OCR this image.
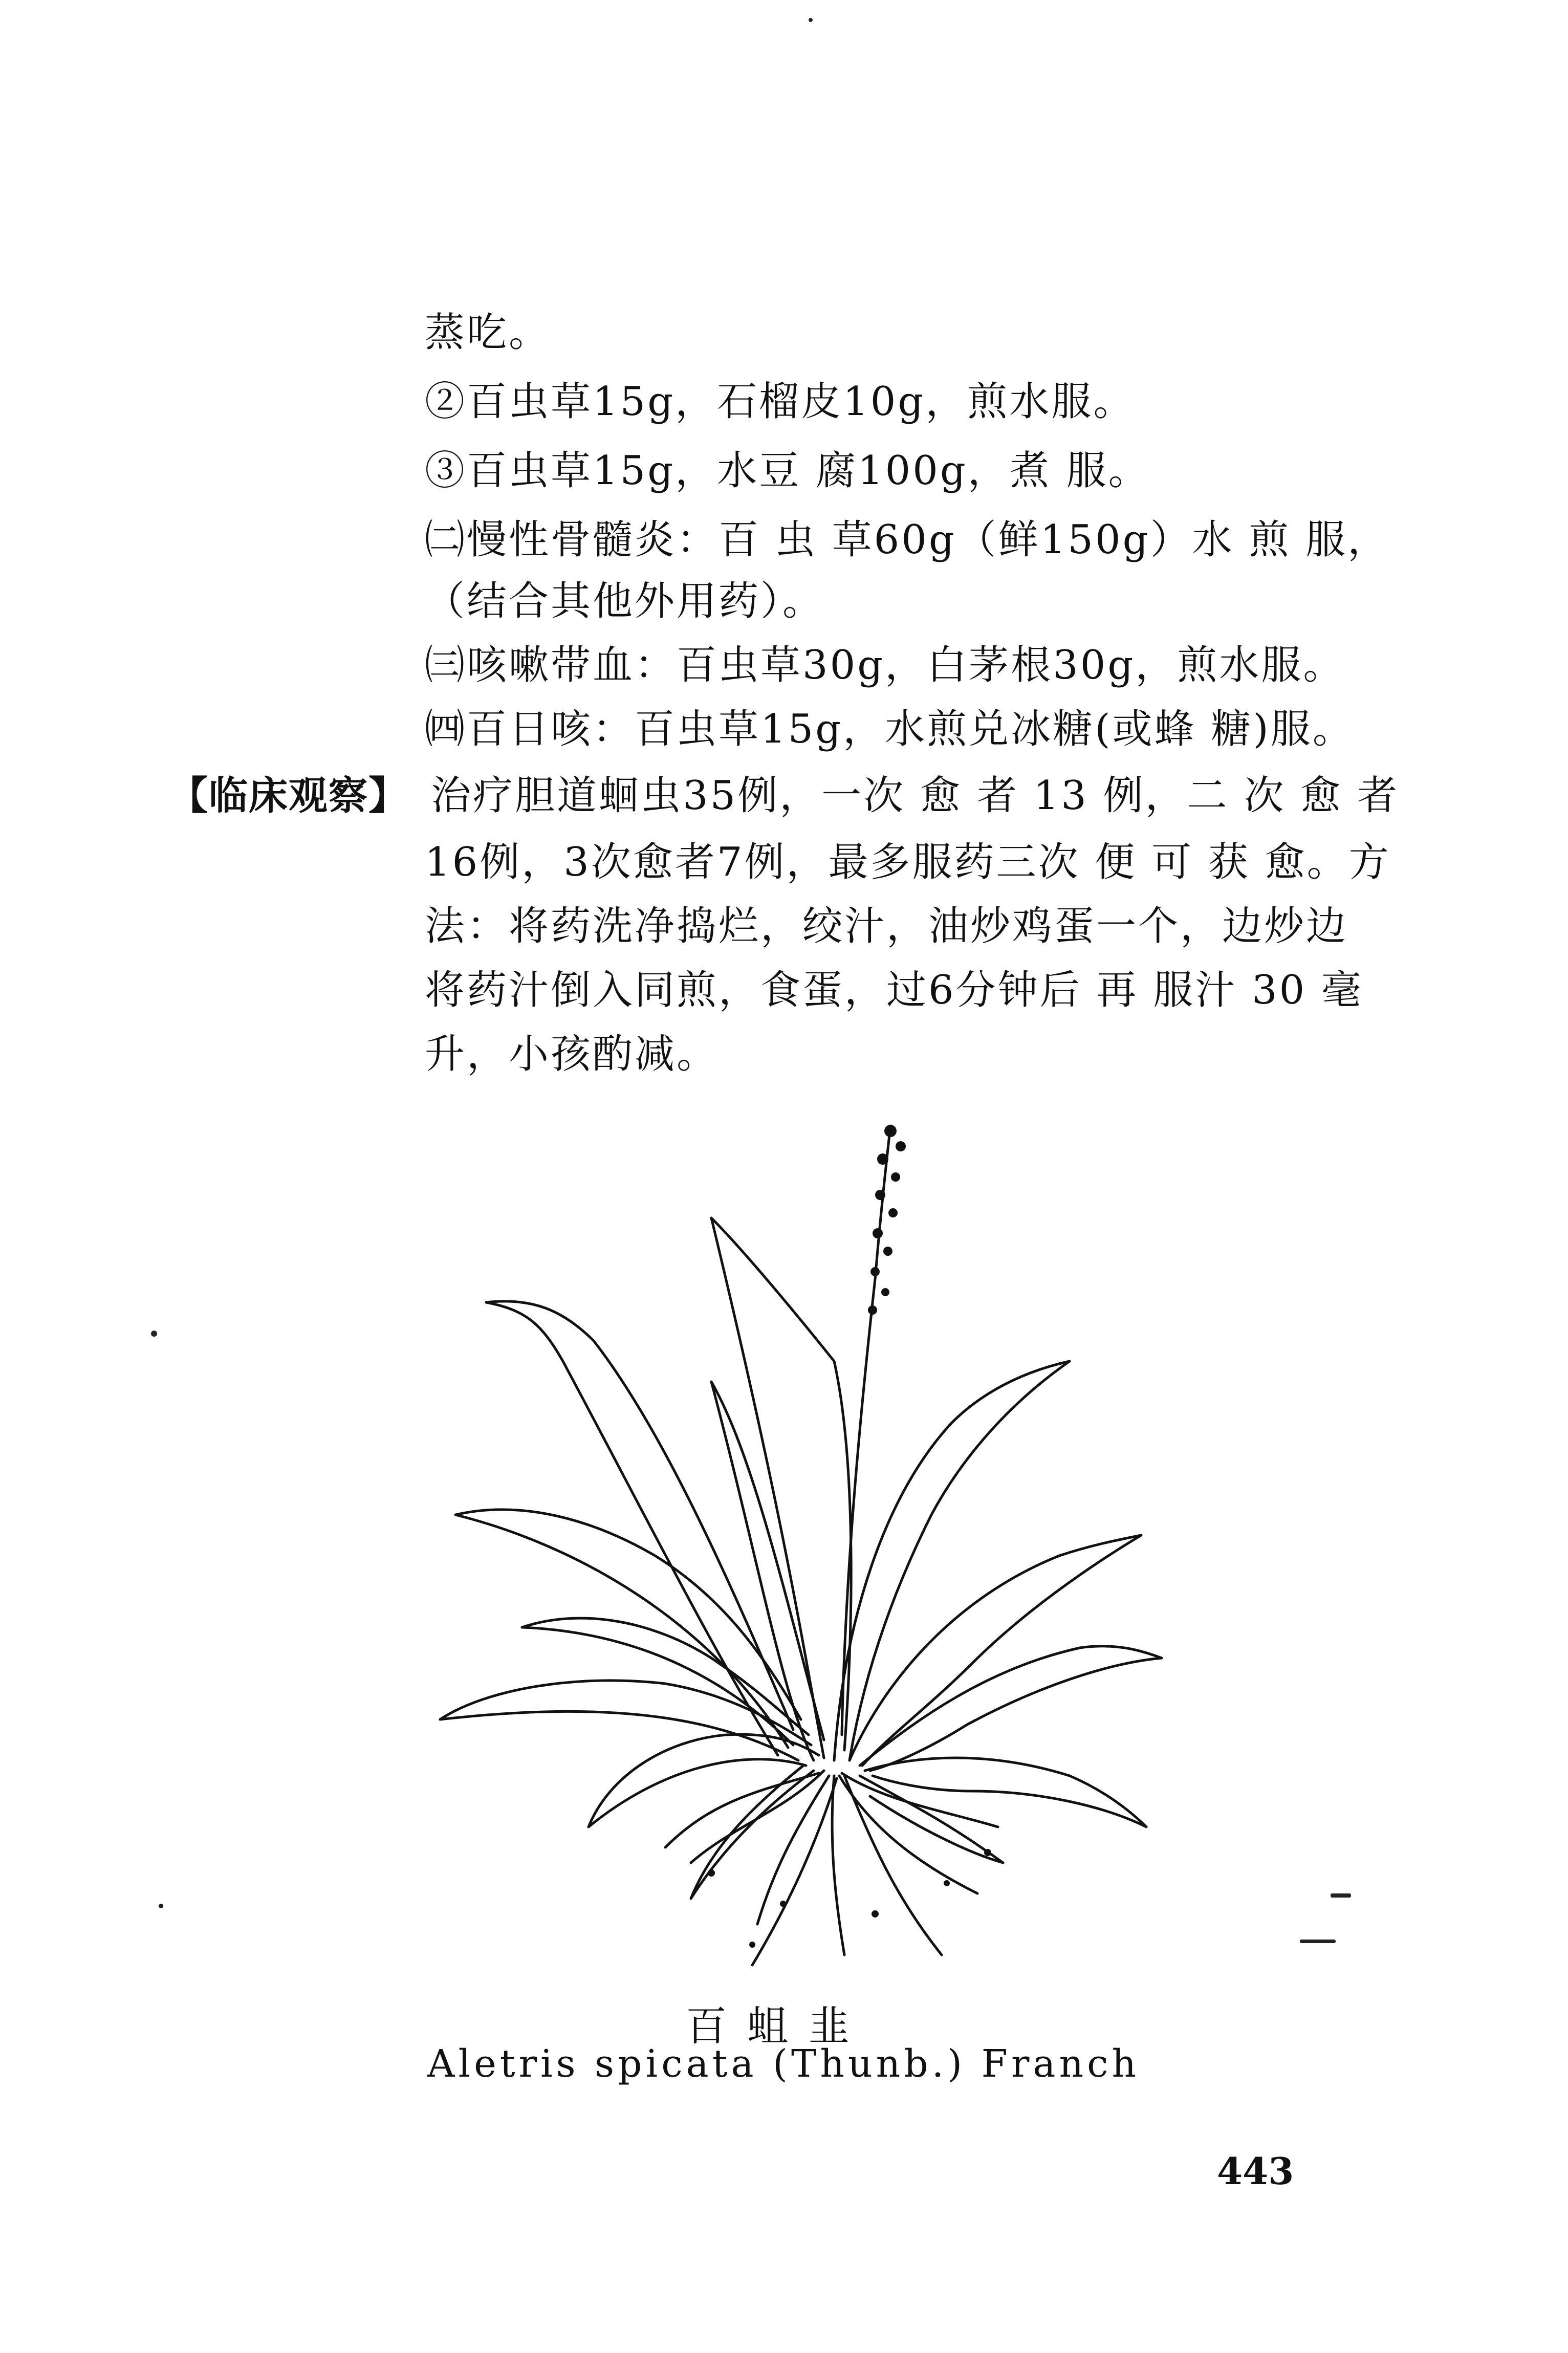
蒸吃。
②百虫草15g，石榴皮10g，煎水服。
③百虫草15g，水豆 腐100g，煮 服。
㈡慢性骨髓炎：百 虫 草60g（鲜150g）水 煎 服，
（结合其他外用药）。
㈢咳嗽带血：百虫草30g，白茅根30g，煎水服。
㈣百日咳：百虫草15g，水煎兑冰糖(或蜂 糖)服。
【临床观察】 治疗胆道蛔虫35例，一次 愈 者 13 例，二 次 愈 者
16例，3次愈者7例，最多服药三次 便 可 获 愈。方
法：将药洗净捣烂，绞汁，油炒鸡蛋一个，边炒边
将药汁倒入同煎，食蛋，过6分钟后 再 服汁 30 毫
升，小孩酌减。
百蛆韭
Aletris spicata (Thunb.) Franch
443
